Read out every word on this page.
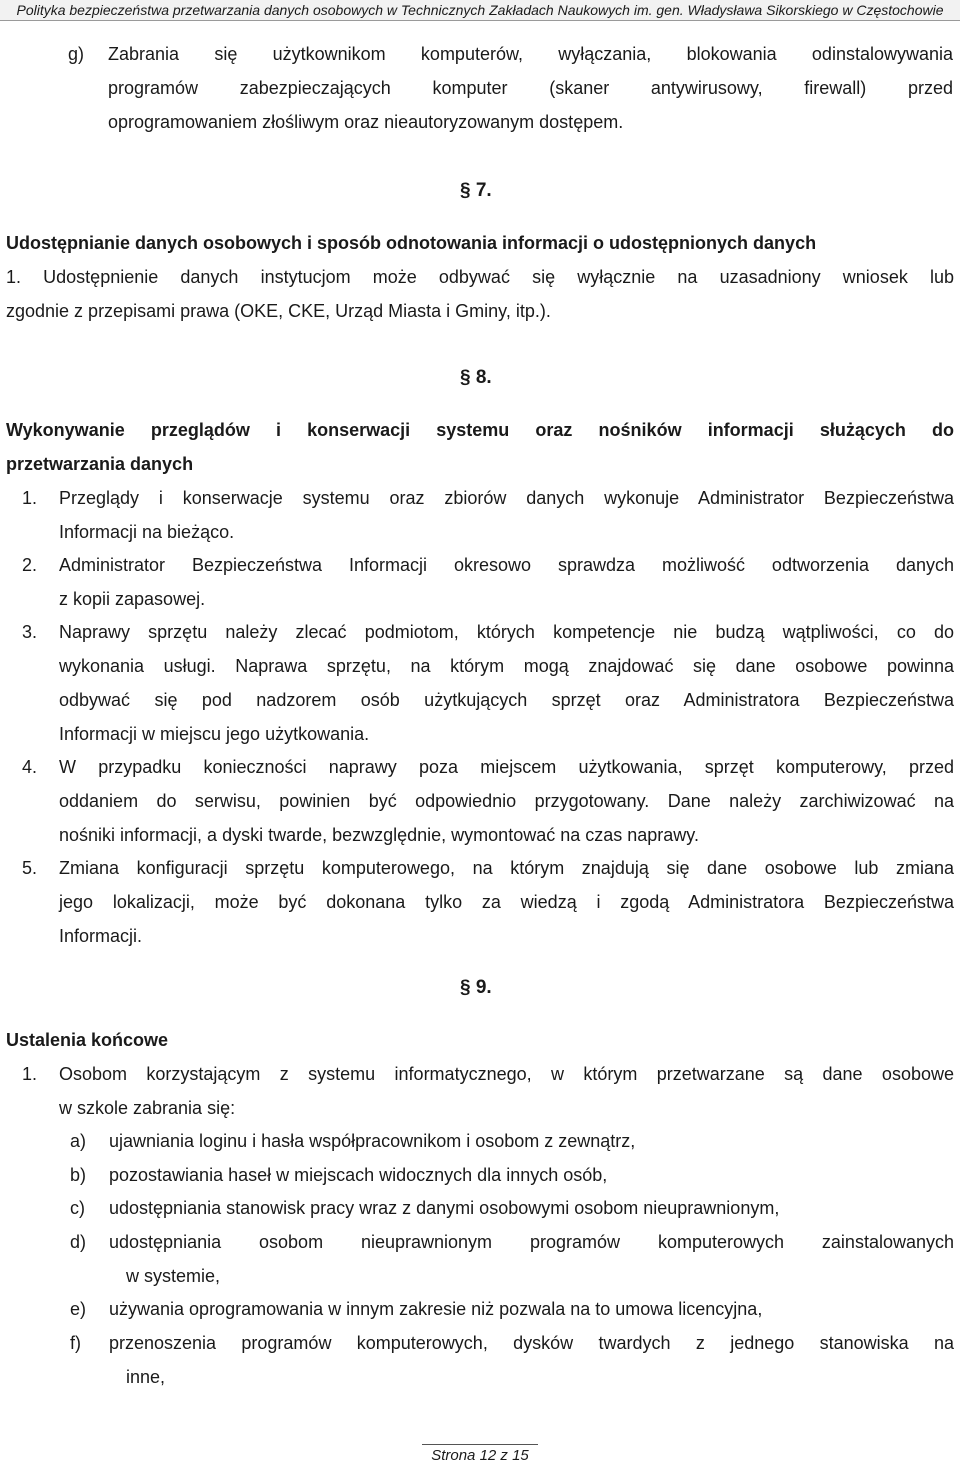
Polityka bezpieczeństwa przetwarzania danych osobowych w Technicznych Zakładach Naukowych im. gen. Władysława Sikorskiego w Częstochowie
g) Zabrania się użytkownikom komputerów, wyłączania, blokowania odinstalowywania
programów zabezpieczających komputer (skaner antywirusowy, firewall) przed
oprogramowaniem złośliwym oraz nieautoryzowanym dostępem.
§ 7.
Udostępnianie danych osobowych i sposób odnotowania informacji o udostępnionych danych
1. Udostępnienie danych instytucjom może odbywać się wyłącznie na uzasadniony wniosek lub
zgodnie z przepisami prawa (OKE, CKE, Urząd Miasta i Gminy, itp.).
§ 8.
Wykonywanie przeglądów i konserwacji systemu oraz nośników informacji służących do
przetwarzania danych
1. Przeglądy i konserwacje systemu oraz zbiorów danych wykonuje Administrator Bezpieczeństwa
Informacji na bieżąco.
2. Administrator Bezpieczeństwa Informacji okresowo sprawdza możliwość odtworzenia danych
z kopii zapasowej.
3. Naprawy sprzętu należy zlecać podmiotom, których kompetencje nie budzą wątpliwości, co do
wykonania usługi. Naprawa sprzętu, na którym mogą znajdować się dane osobowe powinna
odbywać się pod nadzorem osób użytkujących sprzęt oraz Administratora Bezpieczeństwa
Informacji w miejscu jego użytkowania.
4. W przypadku konieczności naprawy poza miejscem użytkowania, sprzęt komputerowy, przed
oddaniem do serwisu, powinien być odpowiednio przygotowany. Dane należy zarchiwizować na
nośniki informacji, a dyski twarde, bezwzględnie, wymontować na czas naprawy.
5. Zmiana konfiguracji sprzętu komputerowego, na którym znajdują się dane osobowe lub zmiana
jego lokalizacji, może być dokonana tylko za wiedzą i zgodą Administratora Bezpieczeństwa
Informacji.
§ 9.
Ustalenia końcowe
1. Osobom korzystającym z systemu informatycznego, w którym przetwarzane są dane osobowe
w szkole zabrania się:
a) ujawniania loginu i hasła współpracownikom i osobom z zewnątrz,
b) pozostawiania haseł w miejscach widocznych dla innych osób,
c) udostępniania stanowisk pracy wraz z danymi osobowymi osobom nieuprawnionym,
d) udostępniania osobom nieuprawnionym programów komputerowych zainstalowanych
w systemie,
e) używania oprogramowania w innym zakresie niż pozwala na to umowa licencyjna,
f) przenoszenia programów komputerowych, dysków twardych z jednego stanowiska na
inne,
Strona 12 z 15
